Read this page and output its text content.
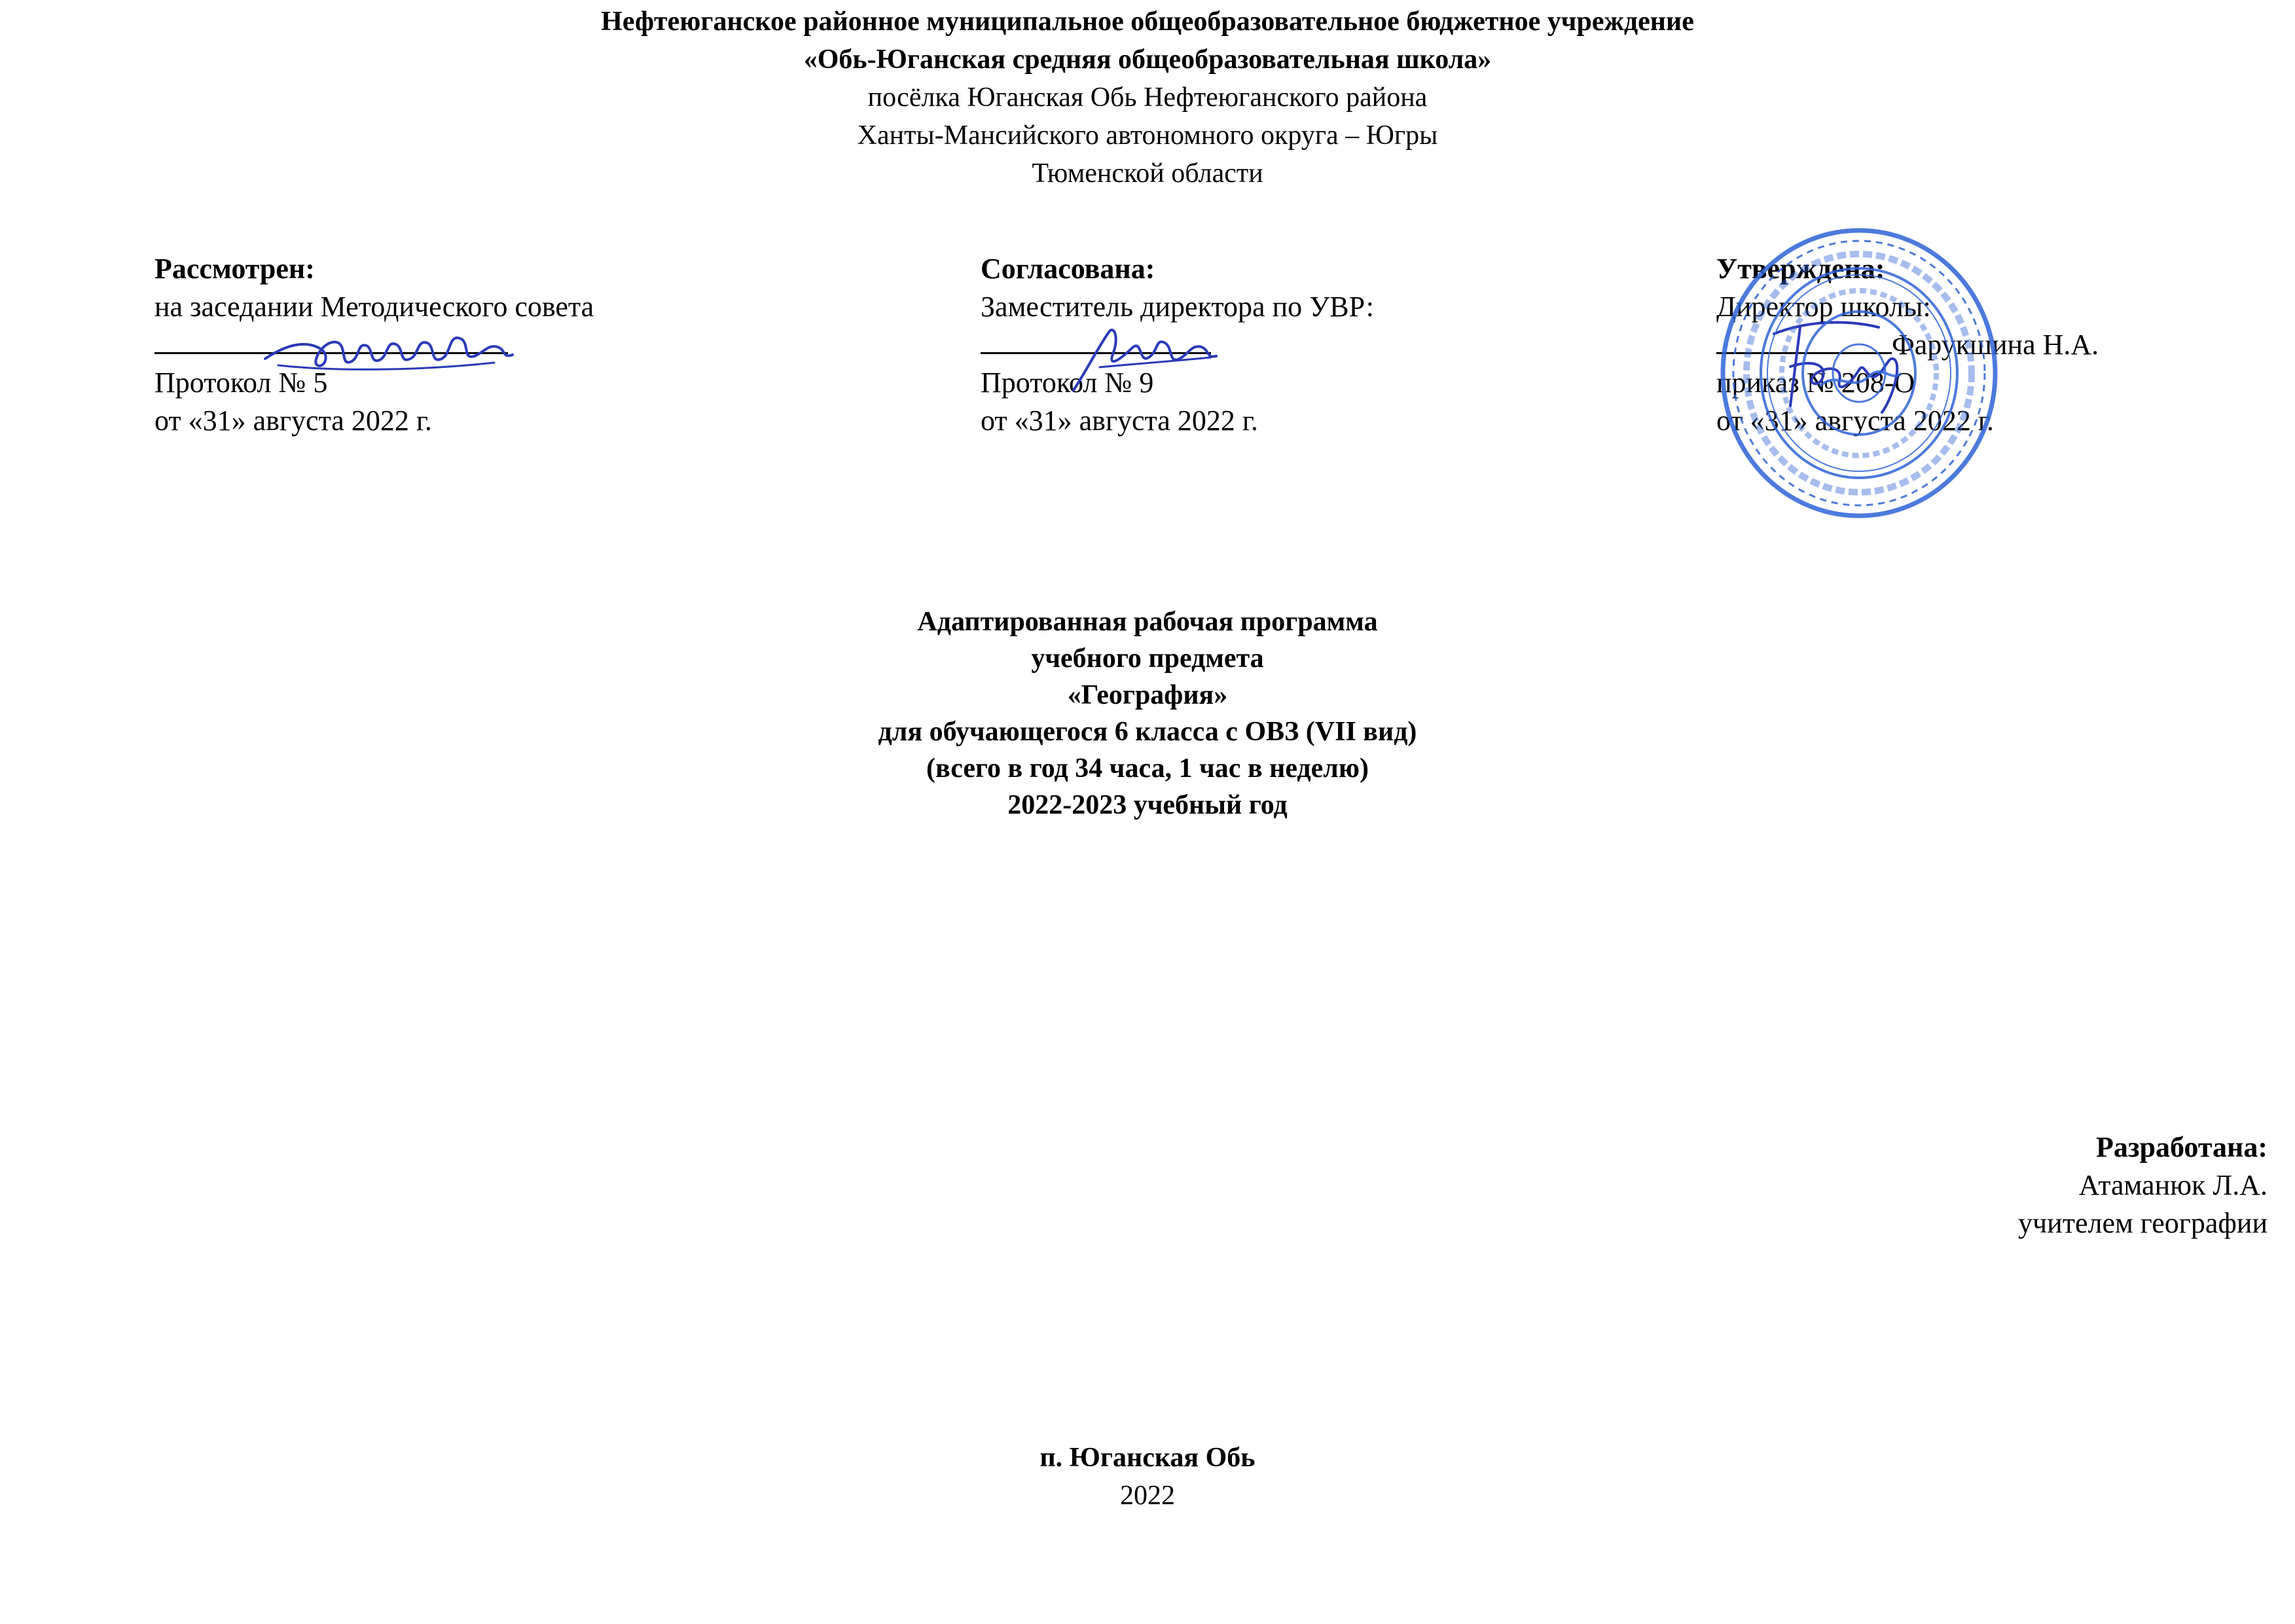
Нефтеюганское районное муниципальное общеобразовательное бюджетное учреждение
«Обь-Юганская средняя общеобразовательная школа»
посёлка Юганская Обь Нефтеюганского района
Ханты-Мансийского автономного округа – Югры
Тюменской области
Рассмотрен:
на заседании Методического совета
Протокол № 5
от «31» августа 2022 г.
Согласована:
Заместитель директора по УВР:
Протокол № 9
от «31» августа 2022 г.
Утверждена:
Директор школы:
Фарукшина Н.А.
приказ № 208-О
от «31» августа 2022 г.
Адаптированная рабочая программа
учебного предмета
«География»
для обучающегося 6 класса с ОВЗ (VII вид)
(всего в год 34 часа, 1 час в неделю)
2022-2023 учебный год
Разработана:
Атаманюк Л.А.
учителем географии
п. Юганская Обь
2022
